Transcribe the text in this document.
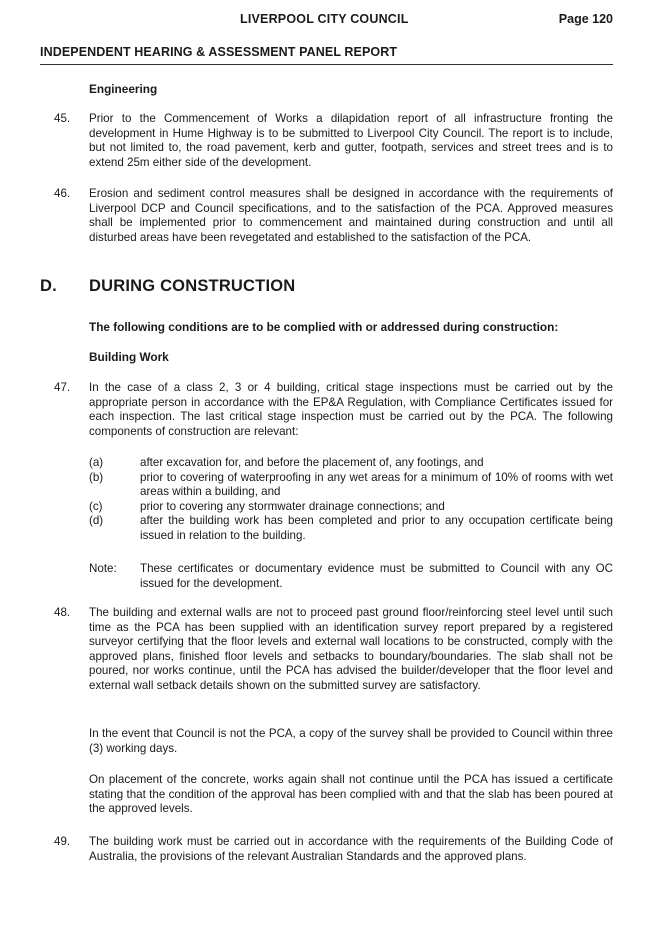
LIVERPOOL CITY COUNCIL	Page 120
INDEPENDENT HEARING & ASSESSMENT PANEL REPORT
Engineering
45. Prior to the Commencement of Works a dilapidation report of all infrastructure fronting the development in Hume Highway is to be submitted to Liverpool City Council. The report is to include, but not limited to, the road pavement, kerb and gutter, footpath, services and street trees and is to extend 25m either side of the development.
46. Erosion and sediment control measures shall be designed in accordance with the requirements of Liverpool DCP and Council specifications, and to the satisfaction of the PCA. Approved measures shall be implemented prior to commencement and maintained during construction and until all disturbed areas have been revegetated and established to the satisfaction of the PCA.
D. DURING CONSTRUCTION
The following conditions are to be complied with or addressed during construction:
Building Work
47. In the case of a class 2, 3 or 4 building, critical stage inspections must be carried out by the appropriate person in accordance with the EP&A Regulation, with Compliance Certificates issued for each inspection. The last critical stage inspection must be carried out by the PCA. The following components of construction are relevant:
(a)	after excavation for, and before the placement of, any footings, and
(b)	prior to covering of waterproofing in any wet areas for a minimum of 10% of rooms with wet areas within a building, and
(c)	prior to covering any stormwater drainage connections; and
(d)	after the building work has been completed and prior to any occupation certificate being issued in relation to the building.
Note: These certificates or documentary evidence must be submitted to Council with any OC issued for the development.
48. The building and external walls are not to proceed past ground floor/reinforcing steel level until such time as the PCA has been supplied with an identification survey report prepared by a registered surveyor certifying that the floor levels and external wall locations to be constructed, comply with the approved plans, finished floor levels and setbacks to boundary/boundaries. The slab shall not be poured, nor works continue, until the PCA has advised the builder/developer that the floor level and external wall setback details shown on the submitted survey are satisfactory.
In the event that Council is not the PCA, a copy of the survey shall be provided to Council within three (3) working days.
On placement of the concrete, works again shall not continue until the PCA has issued a certificate stating that the condition of the approval has been complied with and that the slab has been poured at the approved levels.
49. The building work must be carried out in accordance with the requirements of the Building Code of Australia, the provisions of the relevant Australian Standards and the approved plans.
